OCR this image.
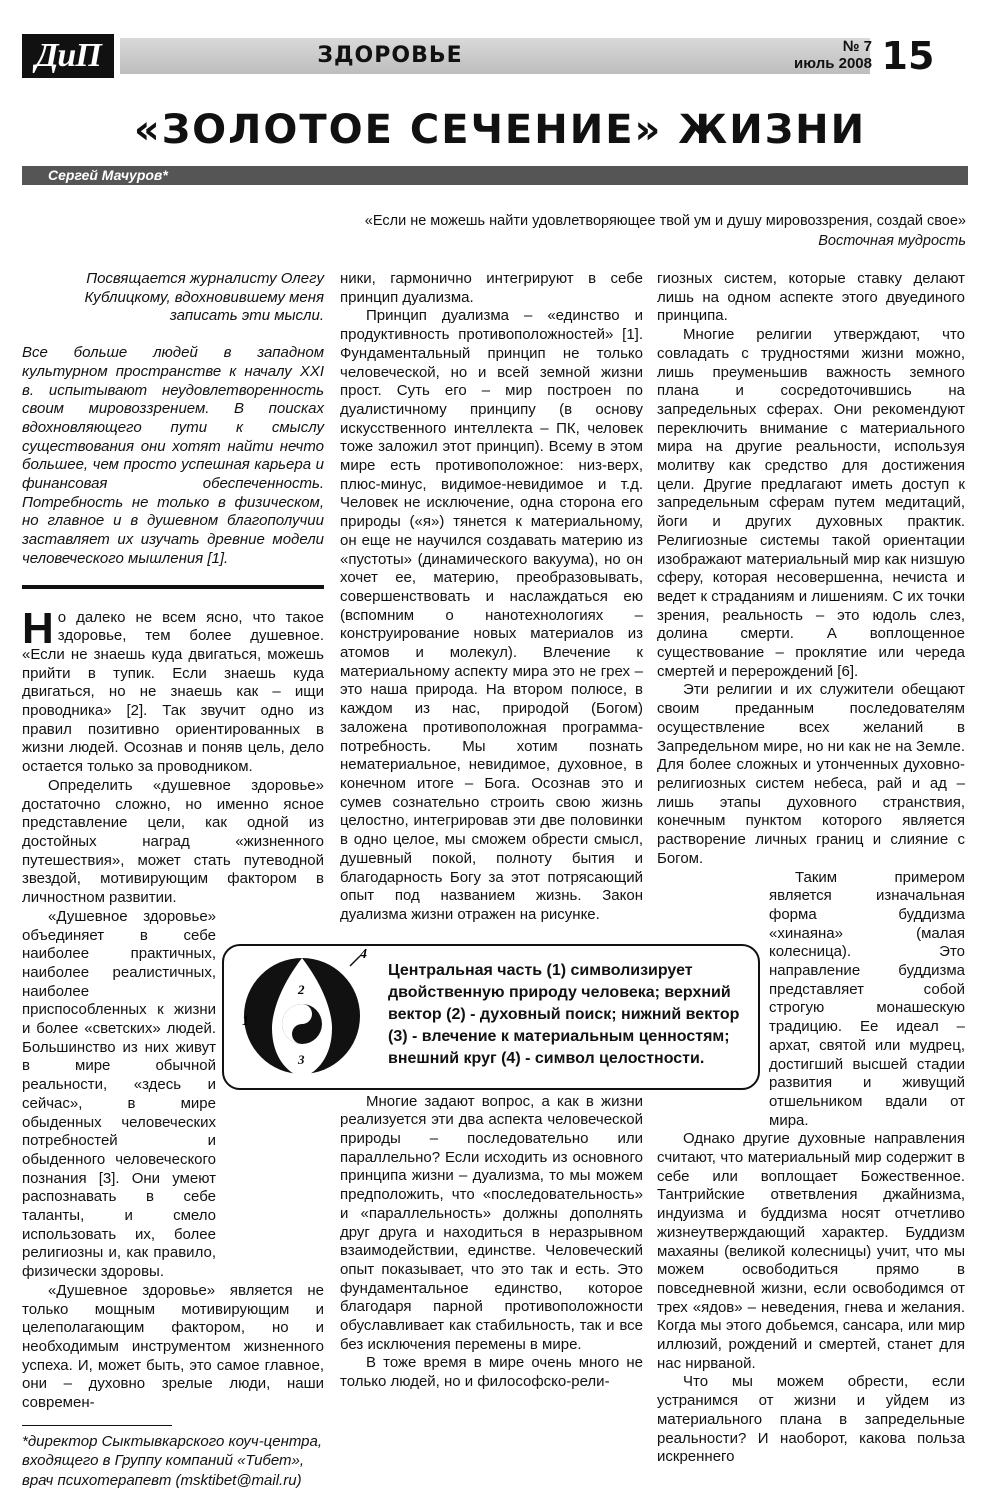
ДиП	ЗДОРОВЬЕ	№ 7
июль 2008 15
«ЗОЛОТОЕ СЕЧЕНИЕ» ЖИЗНИ
Сергей Мачуров*
«Если не можешь найти удовлетворяющее твой ум и душу мировоззрения, создай свое»
Восточная мудрость

Посвящается журналисту Олегу Кублицкому, вдохновившему меня записать эти мысли.

Все больше людей в западном культурном пространстве к началу XXI в. испытывают неудовлетворенность своим мировоззрением. В поисках вдохновляющего пути к смыслу существования они хотят найти нечто большее, чем просто успешная карьера и финансовая обеспеченность. Потребность не только в физическом, но главное и в душевном благополучии заставляет их изучать древние модели человеческого мышления [1].

Но далеко не всем ясно, что такое здоровье, тем более душевное. «Если не знаешь куда двигаться, можешь прийти в тупик. Если знаешь куда двигаться, но не знаешь как – ищи проводника» [2]. Так звучит одно из правил позитивно ориентированных в жизни людей. Осознав и поняв цель, дело остается только за проводником.

Определить «душевное здоровье» достаточно сложно, но именно ясное представление цели, как одной из достойных наград «жизненного путешествия», может стать путеводной звездой, мотивирующим фактором в личностном развитии.

«Душевное здоровье» объединяет в себе наиболее практичных, наиболее реалистичных, наиболее приспособленных к жизни и более «светских» людей. Большинство из них живут в мире обычной реальности, «здесь и сейчас», в мире обыденных человеческих потребностей и обыденного человеческого познания [3]. Они умеют распознавать в себе таланты, и смело использовать их, более религиозны и, как правило, физически здоровы.

«Душевное здоровье» является не только мощным мотивирующим и целеполагающим фактором, но и необходимым инструментом жизненного успеха. И, может быть, это самое главное, они – духовно зрелые люди, наши современ-

*директор Сыктывкарского коуч-центра, входящего в Группу компаний «Тибет», врач психотерапевт (msktibet@mail.ru)

ники, гармонично интегрируют в себе принцип дуализма.

Принцип дуализма – «единство и продуктивность противоположностей» [1]. Фундаментальный принцип не только человеческой, но и всей земной жизни прост. Суть его – мир построен по дуалистичному принципу (в основу искусственного интеллекта – ПК, человек тоже заложил этот принцип). Всему в этом мире есть противоположное: низ-верх, плюс-минус, видимое-невидимое и т.д. Человек не исключение, одна сторона его природы («я») тянется к материальному, он еще не научился создавать материю из «пустоты» (динамического вакуума), но он хочет ее, материю, преобразовывать, совершенствовать и наслаждаться ею (вспомним о нанотехнологиях – конструирование новых материалов из атомов и молекул). Влечение к материальному аспекту мира это не грех – это наша природа. На втором полюсе, в каждом из нас, природой (Богом) заложена противоположная программа-потребность. Мы хотим познать нематериальное, невидимое, духовное, в конечном итоге – Бога. Осознав это и сумев сознательно строить свою жизнь целостно, интегрировав эти две половинки в одно целое, мы сможем обрести смысл, душевный покой, полноту бытия и благодарность Богу за этот потрясающий опыт под названием жизнь. Закон дуализма жизни отражен на рисунке.

Многие задают вопрос, а как в жизни реализуется эти два аспекта человеческой природы – последовательно или параллельно? Если исходить из основного принципа жизни – дуализма, то мы можем предположить, что «последовательность» и «параллельность» должны дополнять друг друга и находиться в неразрывном взаимодействии, единстве. Человеческий опыт показывает, что это так и есть. Это фундаментальное единство, которое благодаря парной противоположности обуславливает как стабильность, так и все без исключения перемены в мире.

В тоже время в мире очень много не только людей, но и философско-рели-

гиозных систем, которые ставку делают лишь на одном аспекте этого двуединого принципа.

Многие религии утверждают, что совладать с трудностями жизни можно, лишь преуменьшив важность земного плана и сосредоточившись на запредельных сферах. Они рекомендуют переключить внимание с материального мира на другие реальности, используя молитву как средство для достижения цели. Другие предлагают иметь доступ к запредельным сферам путем медитаций, йоги и других духовных практик. Религиозные системы такой ориентации изображают материальный мир как низшую сферу, которая несовершенна, нечиста и ведет к страданиям и лишениям. С их точки зрения, реальность – это юдоль слез, долина смерти. А воплощенное существование – проклятие или череда смертей и перерождений [6].

Эти религии и их служители обещают своим преданным последователям осуществление всех желаний в Запредельном мире, но ни как не на Земле. Для более сложных и утонченных духовно-религиозных систем небеса, рай и ад – лишь этапы духовного странствия, конечным пунктом которого является растворение личных границ и слияние с Богом.

Таким примером является изначальная форма буддизма «хинаяна» (малая колесница). Это направление буддизма представляет собой строгую монашескую традицию. Ее идеал – архат, святой или мудрец, достигший высшей стадии развития и живущий отшельником вдали от мира.

Однако другие духовные направления считают, что материальный мир содержит в себе или воплощает Божественное. Тантрийские ответвления джайнизма, индуизма и буддизма носят отчетливо жизнеутверждающий характер. Буддизм махаяны (великой колесницы) учит, что мы можем освободиться прямо в повседневной жизни, если освободимся от трех «ядов» – неведения, гнева и желания. Когда мы этого добьемся, сансара, или мир иллюзий, рождений и смертей, станет для нас нирваной.

Что мы можем обрести, если устранимся от жизни и уйдем из материального плана в запредельные реальности? И наоборот, какова польза искреннего

4
1
2
3
Центральная часть (1) символизирует двойственную природу человека; верхний вектор (2) - духовный поиск; нижний вектор (3) - влечение к материальным ценностям; внешний круг (4) - символ целостности.
